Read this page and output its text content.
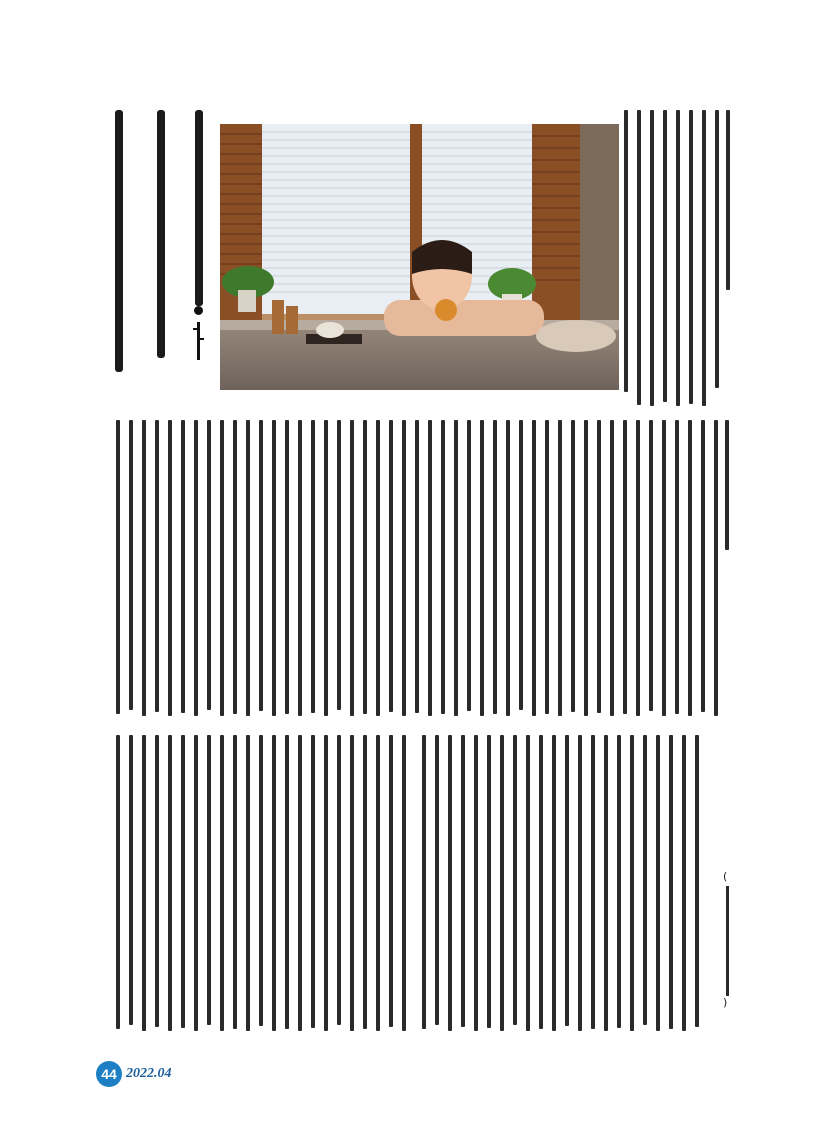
(
)
44 2022.04
